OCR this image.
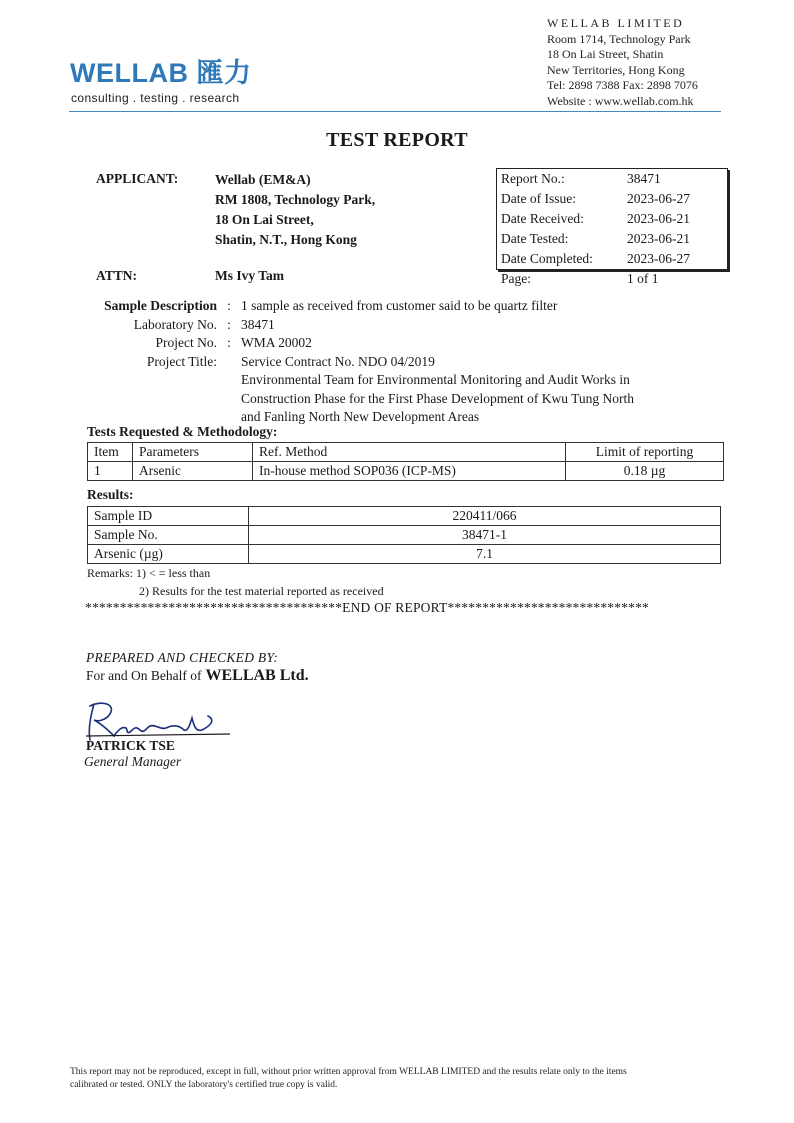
WELLAB 匯力
consulting . testing . research
WELLAB LIMITED
Room 1714, Technology Park
18 On Lai Street, Shatin
New Territories, Hong Kong
Tel: 2898 7388 Fax: 2898 7076
Website : www.wellab.com.hk
TEST REPORT
APPLICANT:	Wellab (EM&A)
RM 1808, Technology Park,
18 On Lai Street,
Shatin, N.T., Hong Kong
ATTN:	Ms Ivy Tam
Report No.:	38471
Date of Issue:	2023-06-27
Date Received:	2023-06-21
Date Tested:	2023-06-21
Date Completed:	2023-06-27
Page:	1 of 1
Sample Description : 1 sample as received from customer said to be quartz filter
Laboratory No. : 38471
Project No. : WMA 20002
Project Title: Service Contract No. NDO 04/2019
Environmental Team for Environmental Monitoring and Audit Works in
Construction Phase for the First Phase Development of Kwu Tung North
and Fanling North New Development Areas
Tests Requested & Methodology:
Item	Parameters	Ref. Method	Limit of reporting
1	Arsenic	In-house method SOP036 (ICP-MS)	0.18 µg
Results:
Sample ID	220411/066
Sample No.	38471-1
Arsenic (µg)	7.1
Remarks: 1) < = less than
2) Results for the test material reported as received
*************************************END OF REPORT*****************************
PREPARED AND CHECKED BY:
For and On Behalf of WELLAB Ltd.
PATRICK TSE
General Manager
This report may not be reproduced, except in full, without prior written approval from WELLAB LIMITED and the results relate only to the items
calibrated or tested. ONLY the laboratory's certified true copy is valid.
